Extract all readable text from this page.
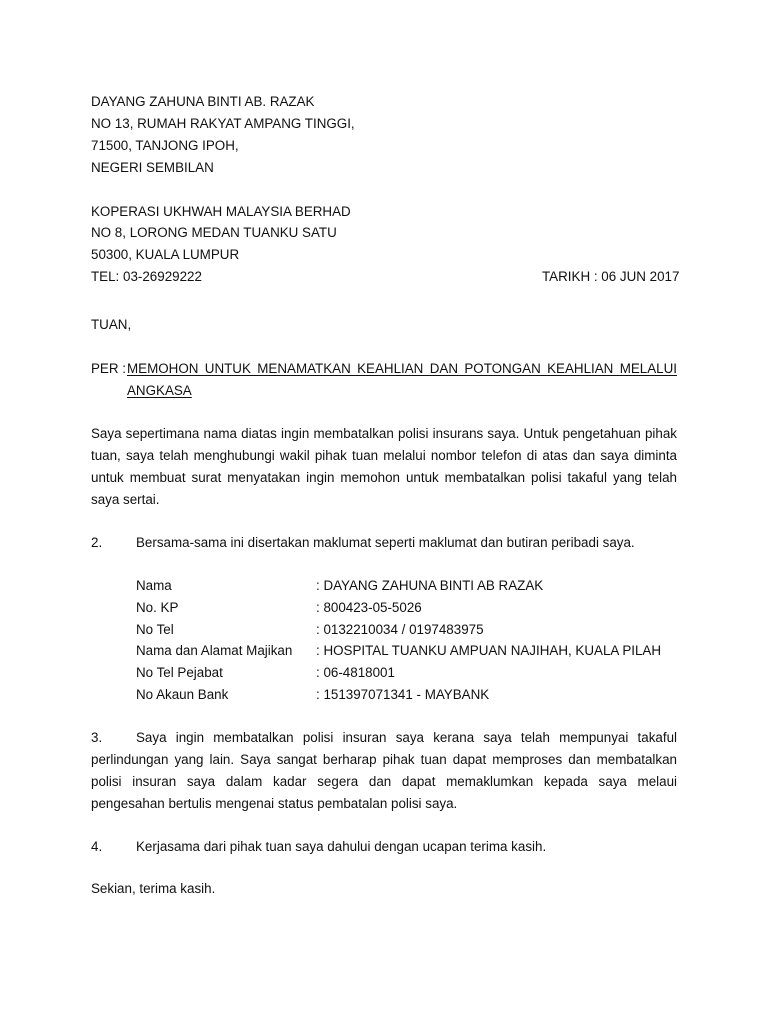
DAYANG ZAHUNA BINTI AB. RAZAK
NO 13, RUMAH RAKYAT AMPANG TINGGI,
71500, TANJONG IPOH,
NEGERI SEMBILAN
KOPERASI UKHWAH MALAYSIA BERHAD
NO 8, LORONG MEDAN TUANKU SATU
50300, KUALA LUMPUR
TEL: 03-26929222	TARIKH : 06 JUN 2017
TUAN,
PER : MEMOHON UNTUK MENAMATKAN KEAHLIAN DAN POTONGAN KEAHLIAN MELALUI
ANGKASA
Saya sepertimana nama diatas ingin membatalkan polisi insurans saya. Untuk pengetahuan pihak tuan, saya telah menghubungi wakil pihak tuan melalui nombor telefon di atas dan saya diminta untuk membuat surat menyatakan ingin memohon untuk membatalkan polisi takaful yang telah saya sertai.
2.	Bersama-sama ini disertakan maklumat seperti maklumat dan butiran peribadi saya.
Nama	: DAYANG ZAHUNA BINTI AB RAZAK
No. KP	: 800423-05-5026
No Tel	: 0132210034 / 0197483975
Nama dan Alamat Majikan : HOSPITAL TUANKU AMPUAN NAJIHAH, KUALA PILAH
No Tel Pejabat	: 06-4818001
No Akaun Bank	: 151397071341 - MAYBANK
3.	Saya ingin membatalkan polisi insuran saya kerana saya telah mempunyai takaful perlindungan yang lain. Saya sangat berharap pihak tuan dapat memproses dan membatalkan polisi insuran saya dalam kadar segera dan dapat memaklumkan kepada saya melaui pengesahan bertulis mengenai status pembatalan polisi saya.
4.	Kerjasama dari pihak tuan saya dahului dengan ucapan terima kasih.
Sekian, terima kasih.
